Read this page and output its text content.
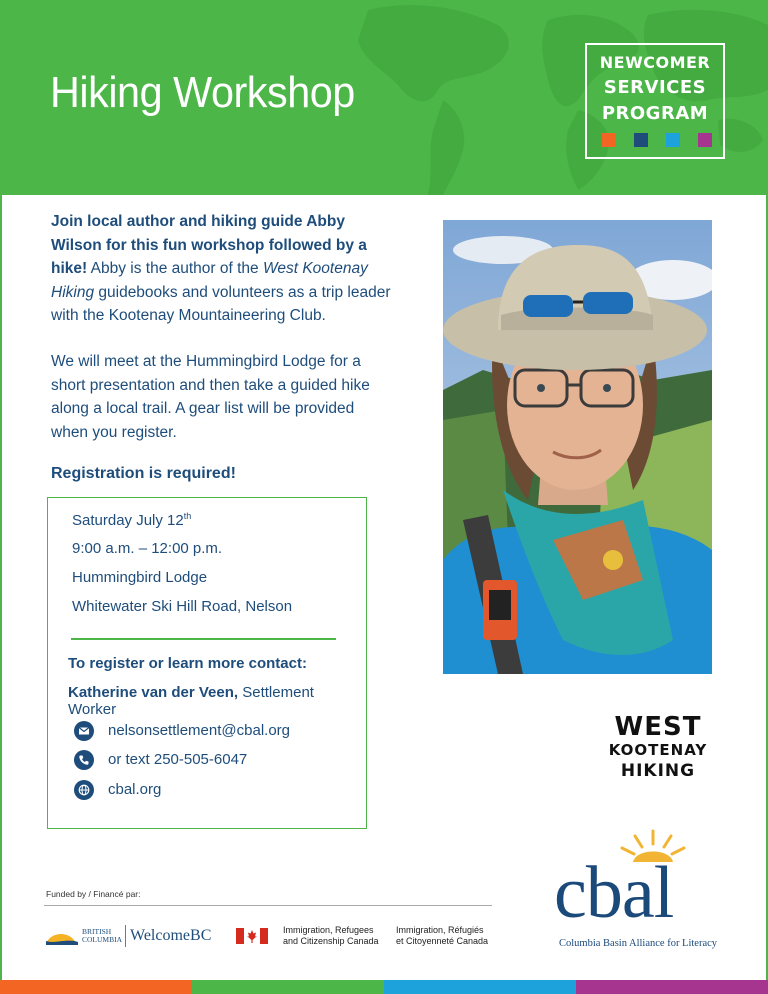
Hiking Workshop
NEWCOMER
SERVICES
PROGRAM
Join local author and hiking guide Abby Wilson for this fun workshop followed by a hike! Abby is the author of the West Kootenay Hiking guidebooks and volunteers as a trip leader with the Kootenay Mountaineering Club.
We will meet at the Hummingbird Lodge for a short presentation and then take a guided hike along a local trail. A gear list will be provided when you register.
Registration is required!
Saturday July 12th
9:00 a.m. – 12:00 p.m.
Hummingbird Lodge
Whitewater Ski Hill Road, Nelson
To register or learn more contact:
Katherine van der Veen, Settlement Worker
nelsonsettlement@cbal.org
or text 250-505-6047
cbal.org
WEST
KOOTENAY
HIKING
Funded by / Financé par:
BRITISH
COLUMBIA WelcomeBC	Immigration, Refugees
and Citizenship Canada
Immigration, Réfugiés
et Citoyenneté Canada
cbal
Columbia Basin Alliance for Literacy
